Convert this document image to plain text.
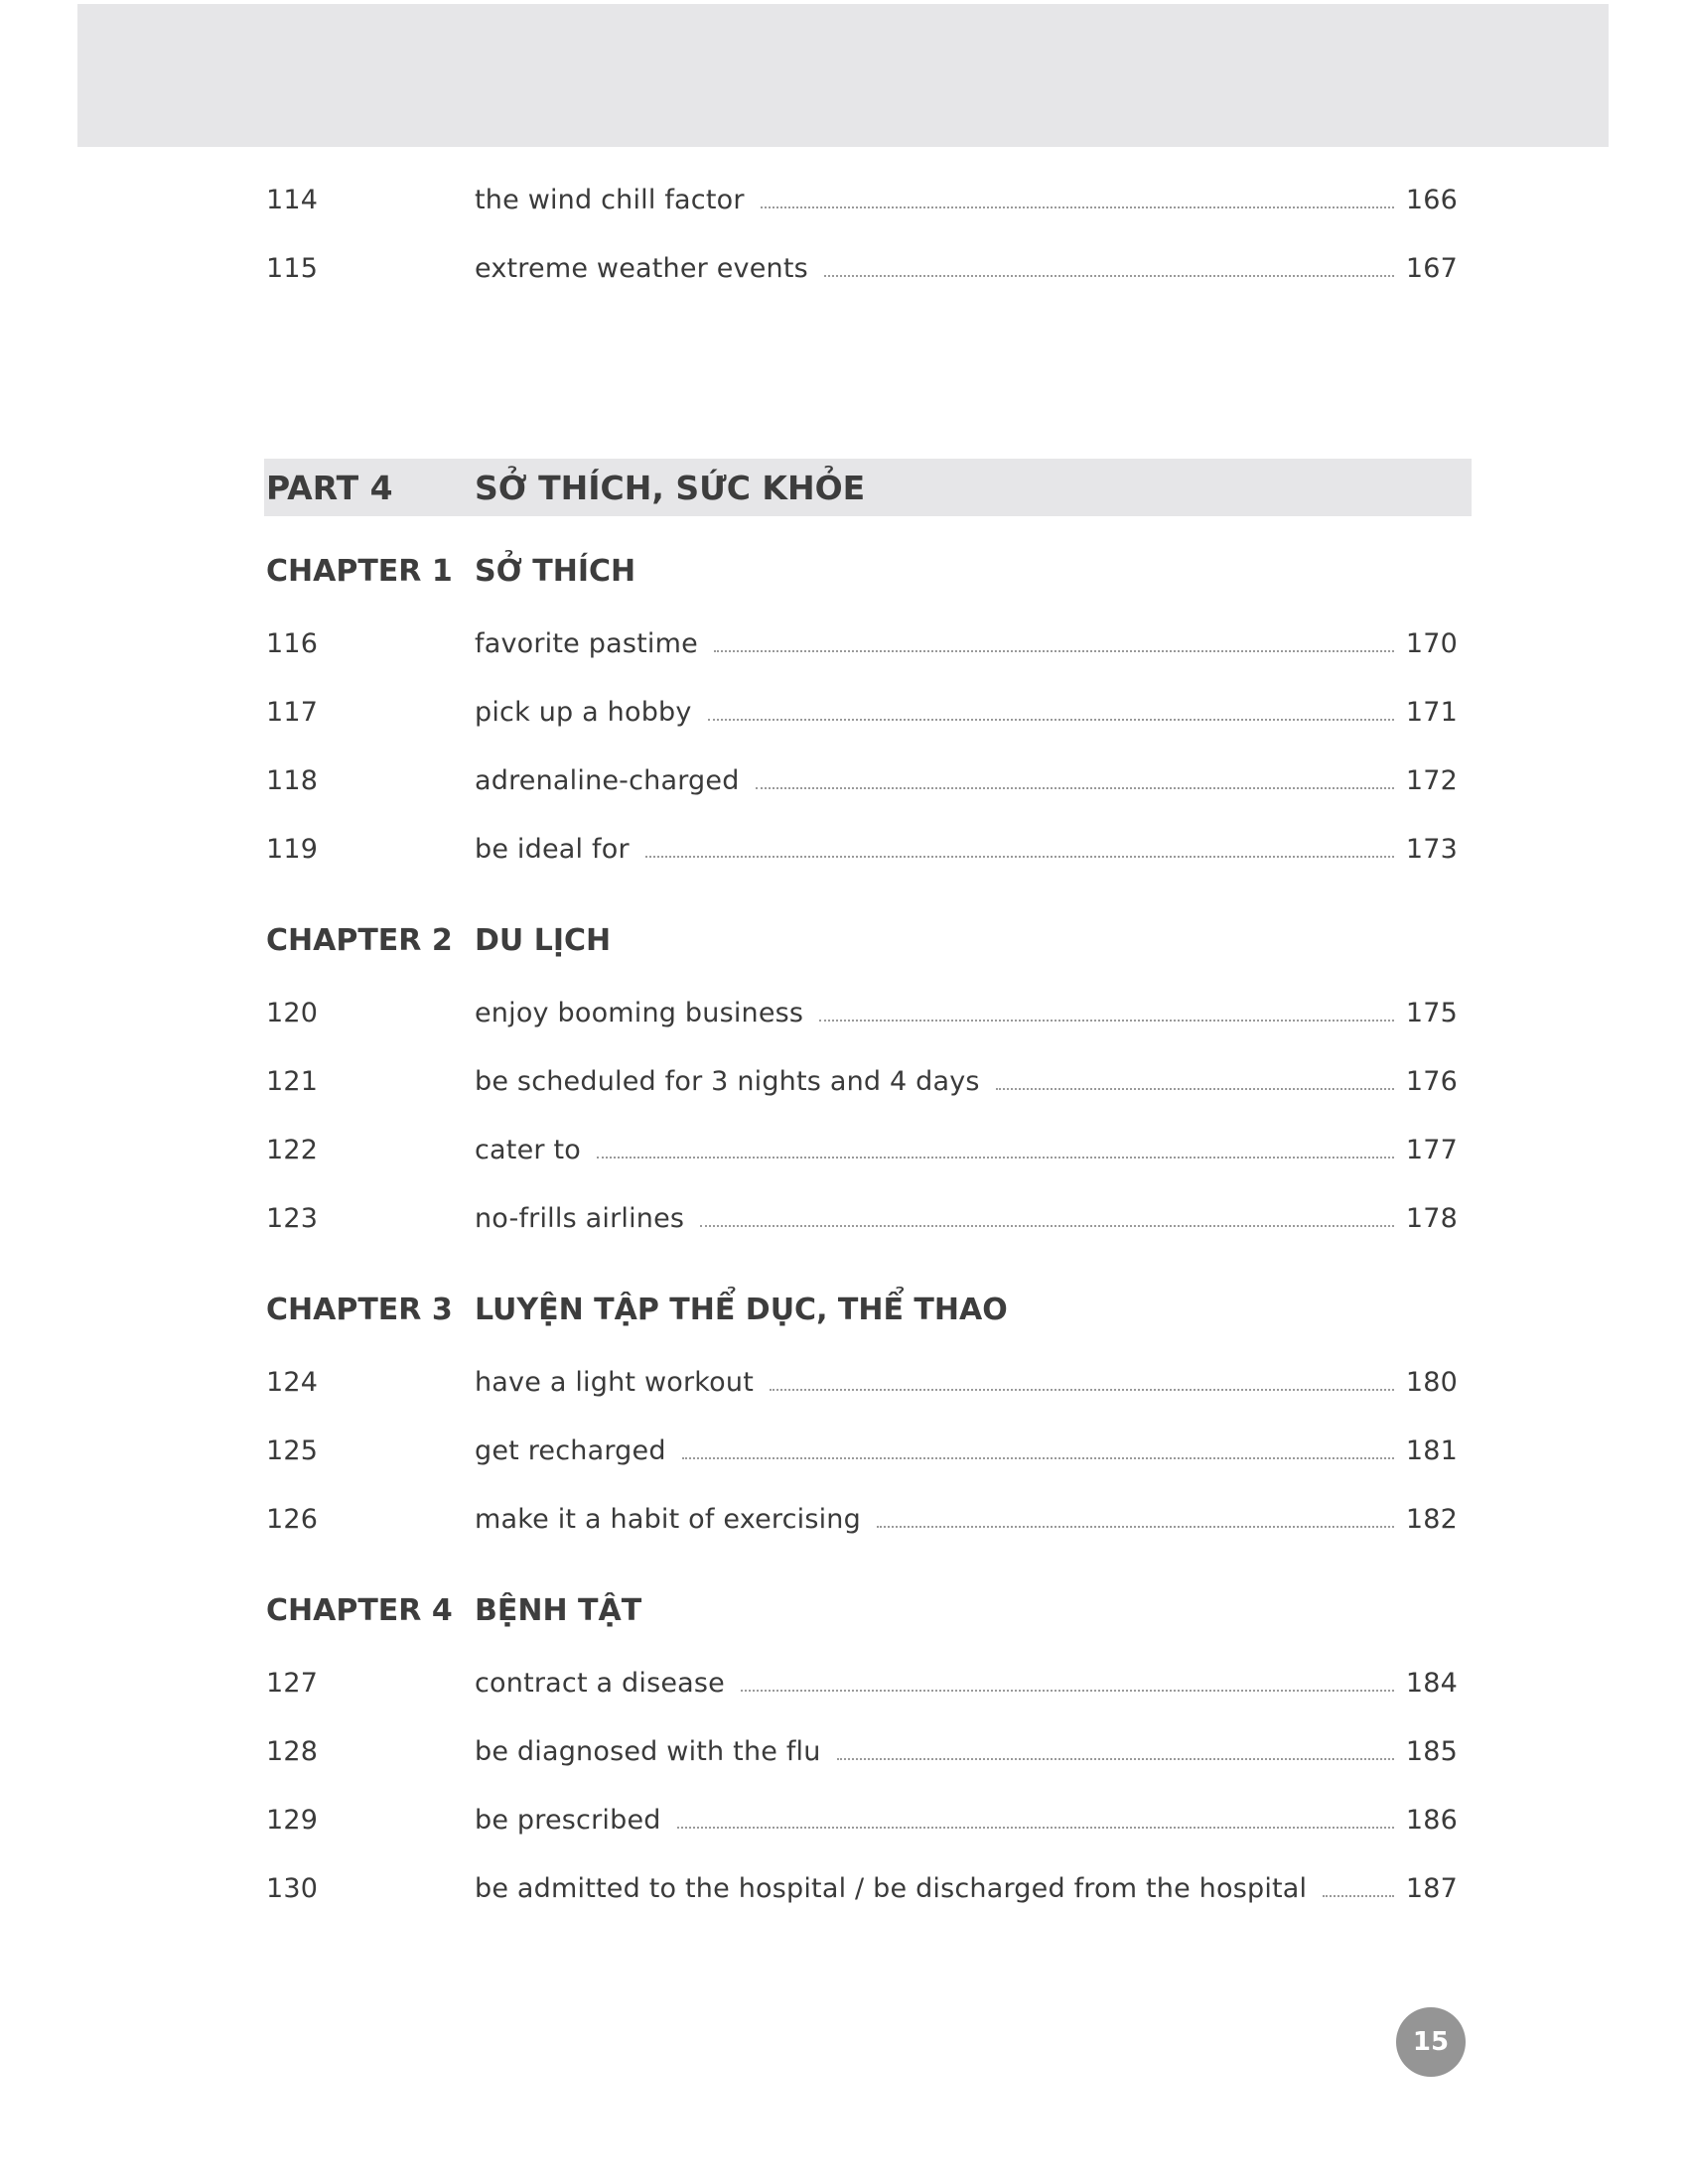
114	the wind chill factor	166
115	extreme weather events	167
PART 4	SỞ THÍCH, SỨC KHỎE
CHAPTER 1 SỞ THÍCH
116	favorite pastime	170
117	pick up a hobby	171
118	adrenaline-charged	172
119	be ideal for	173
CHAPTER 2 DU LỊCH
120	enjoy booming business	175
121	be scheduled for 3 nights and 4 days	176
122	cater to	177
123	no-frills airlines	178
CHAPTER 3 LUYỆN TẬP THỂ DỤC, THỂ THAO
124	have a light workout	180
125	get recharged	181
126	make it a habit of exercising	182
CHAPTER 4 BỆNH TẬT
127	contract a disease	184
128	be diagnosed with the flu	185
129	be prescribed	186
130	be admitted to the hospital / be discharged from the hospital	187
15
